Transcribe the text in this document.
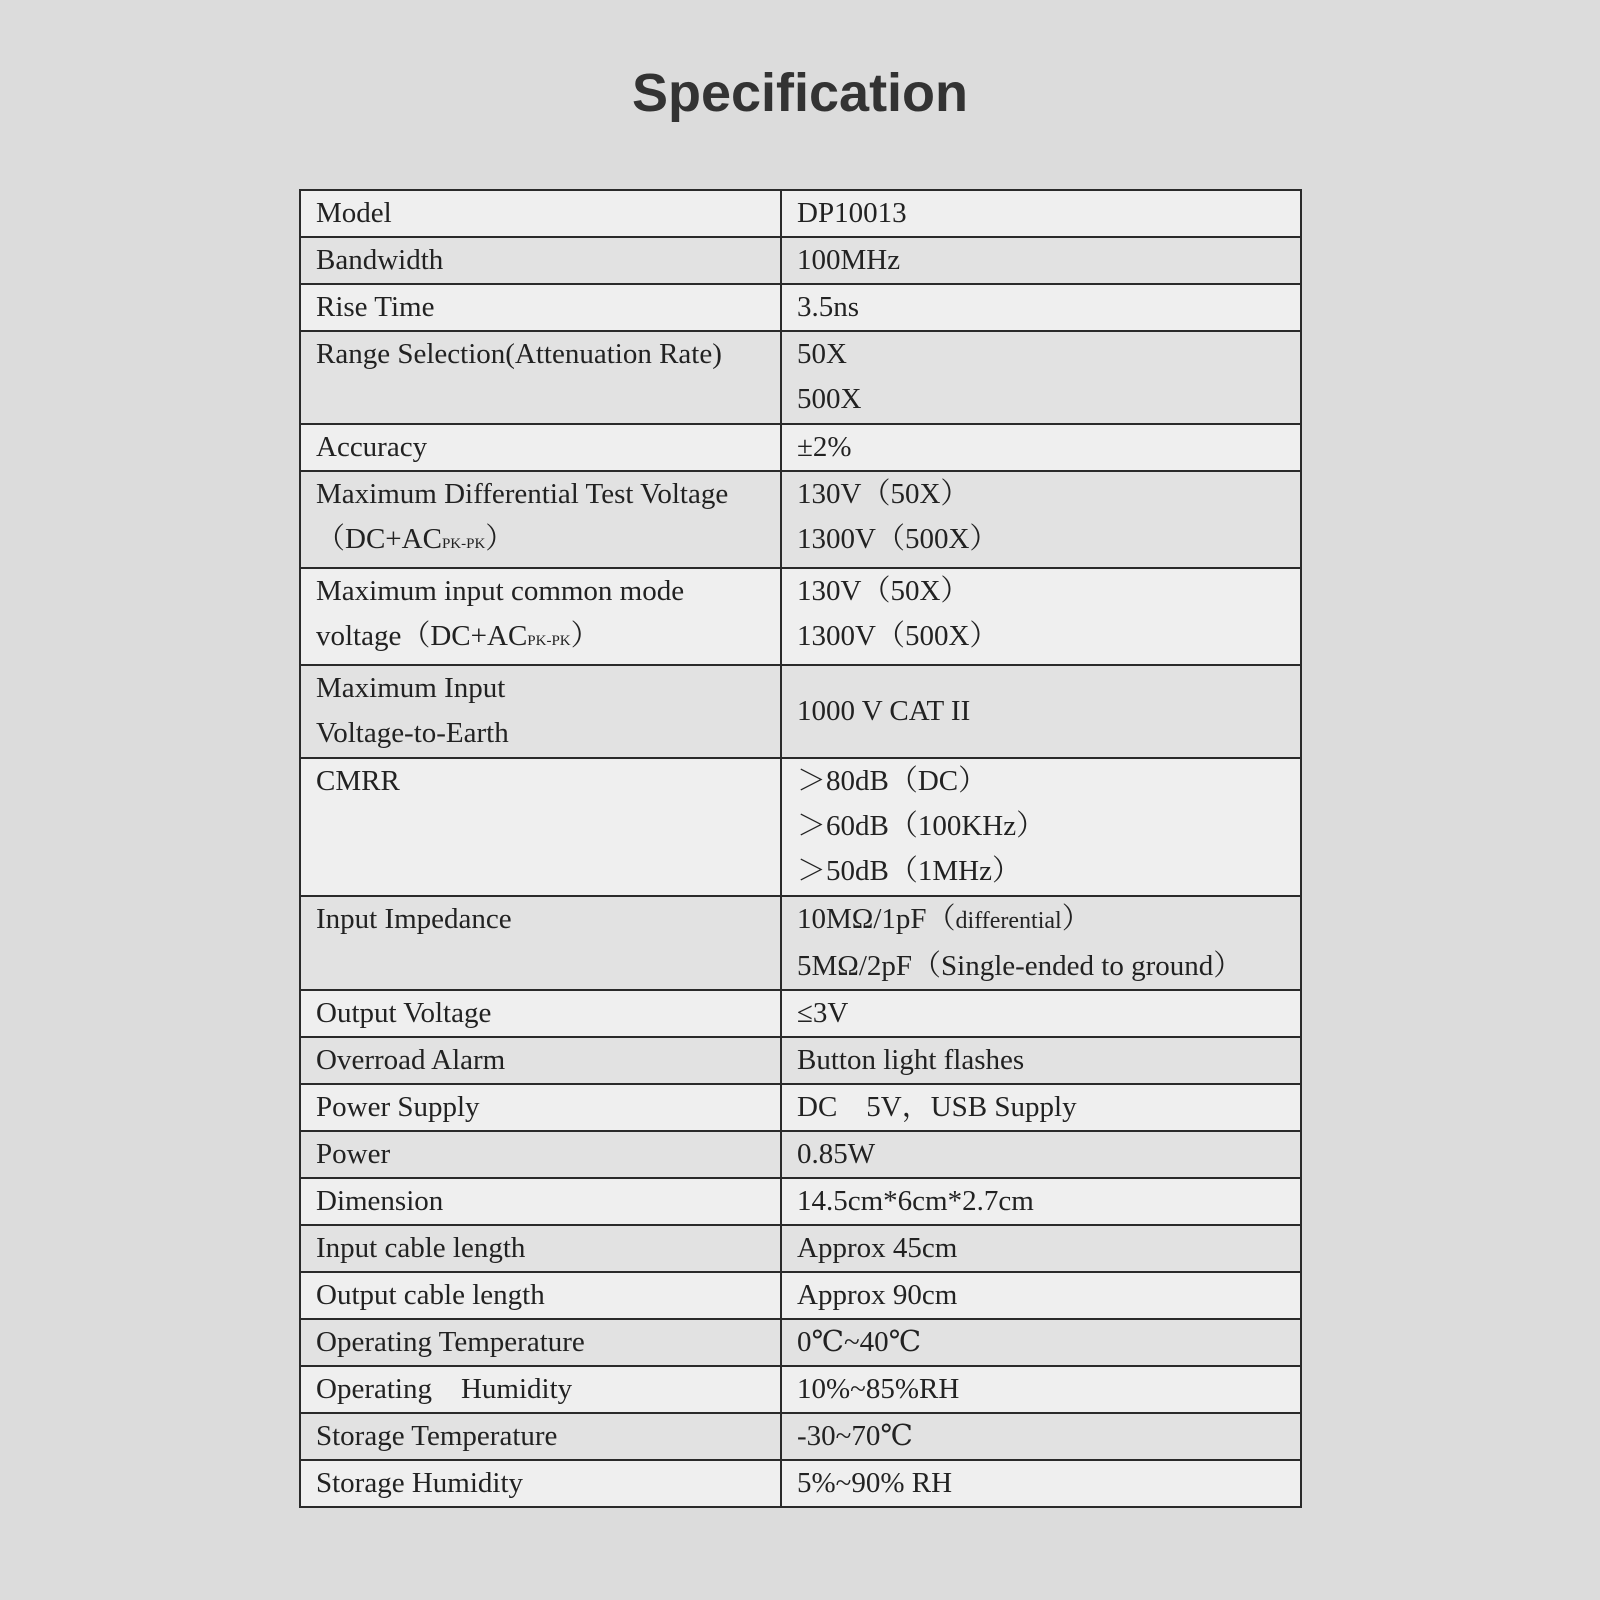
Specification
Model	DP10013
Bandwidth	100MHz
Rise Time	3.5ns
Range Selection(Attenuation Rate)	50X
500X

Accuracy	±2%

Maximum Differential Test Voltage
（DC+ACPK-PK）	130V（50X）
1300V（500X）

Maximum input common mode
voltage（DC+ACPK-PK）	130V（50X）
1300V（500X）

Maximum Input
Voltage-to-Earth	1000 V CAT II
CMRR	＞80dB（DC）
＞60dB（100KHz）
＞50dB（1MHz）

Input Impedance	10MΩ/1pF（differential）
5MΩ/2pF（Single-ended to ground）

Output Voltage	≤3V
Overroad Alarm	Button light flashes
Power Supply	DC    5V，USB Supply
Power	0.85W
Dimension	14.5cm*6cm*2.7cm
Input cable length	Approx 45cm
Output cable length	Approx 90cm
Operating Temperature	0℃~40℃
Operating    Humidity	10%~85%RH
Storage Temperature	-30~70℃
Storage Humidity	5%~90% RH
